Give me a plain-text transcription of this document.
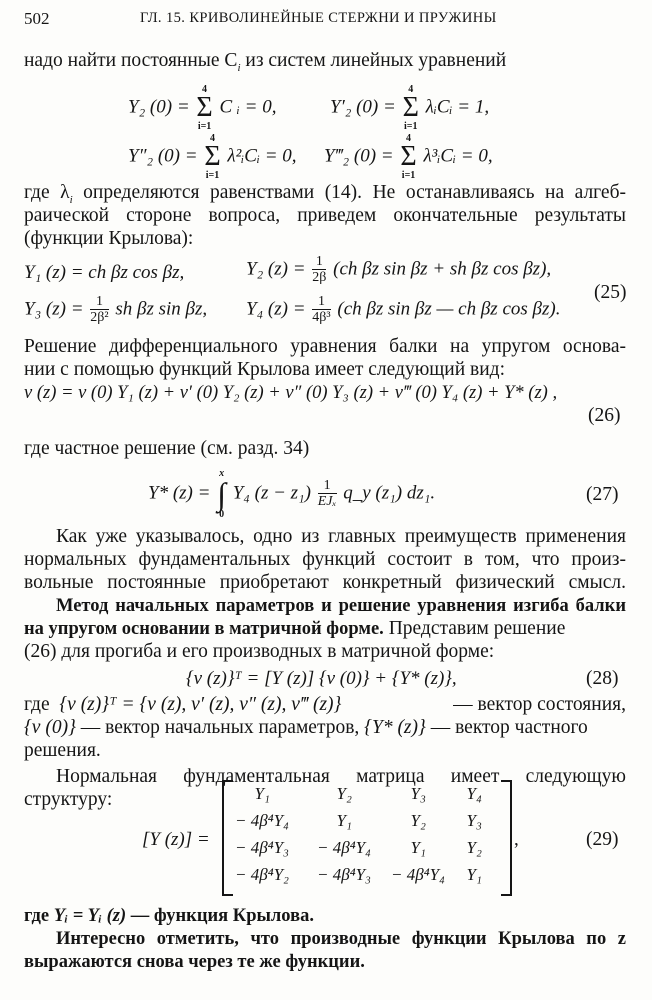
502	ГЛ. 15. КРИВОЛИНЕЙНЫЕ СТЕРЖНИ И ПРУЖИНЫ
надо найти постоянные $C_i$ из систем линейных уравнений
Y₂ (0) =
4
Σ
i=1
C ᵢ = 0,	Y′₂ (0) =
4
Σ
i=1
λᵢCᵢ = 1,
Y″₂ (0) =
4
Σ
i=1
λ²ᵢCᵢ = 0, Y‴₂ (0) =
4
Σ
i=1
λ³ᵢCᵢ = 0,
где $\lambda_i$ определяются равенствами (14). Не останавливаясь на алгеб-
раической стороне вопроса, приведем окончательные результаты
(функции Крылова):
Y₁ (z) = ch βz cos βz,	Y₂ $(z) = \frac{1}{2\beta} (ch$ βz sin βz + sh βz cos βz),
Y₃ $(z) = \frac{1}{\text{2β²}}$ sh βz sin βz, Y₄ $(z) = \frac{1}{\text{4β³}} (ch$ βz sin βz — ch βz cos βz).
(25)
Решение дифференциального уравнения балки на упругом основа-
нии с помощью функций Крылова имеет следующий вид:
v (z) = v (0) Y₁ (z) + v′ (0) Y₂ (z) + v″ (0) Y₃ (z) + v‴ (0) Y₄ (z) + Y* (z) ,
(26)
где частное решение (см. разд. 34)
Y* (z) =
x
∫
0
Y₄ $(z - z_1) \frac{1}{\text{EJₓ}}$ q_y (z₁) dz₁.	(27)
Как уже указывалось, одно из главных преимуществ применения
нормальных фундаментальных функций состоит в том, что произ-
вольные постоянные приобретают конкретный физический смысл.
Метод начальных параметров и решение уравнения изгиба балки
на упругом основании в матричной форме. Представим решение
(26) для прогиба и его производных в матричной форме:
{v (z)}ᵀ = [Y (z)] {v (0)} + {Y* (z)},	(28)
где {v (z)}ᵀ = {v (z), v′ (z), v″ (z), v‴ (z)}	— вектор состояния,
{v (0)} — вектор начальных параметров, {Y* (z)} — вектор частного
решения.
Нормальная фундаментальная матрица имеет следующую
структуру:
[Y (z)] =
Y₁	Y₂	Y₃ Y₄
− 4β⁴Y₄	Y₁	Y₂ Y₃
− 4β⁴Y₃ − 4β⁴Y₄ Y₁ Y₂
− 4β⁴Y₂ − 4β⁴Y₃ − 4β⁴Y₄ Y₁
,	(29)
где Yᵢ = Yᵢ (z) — функция Крылова.
Интересно отметить, что производные функции Крылова по z
выражаются снова через те же функции.
